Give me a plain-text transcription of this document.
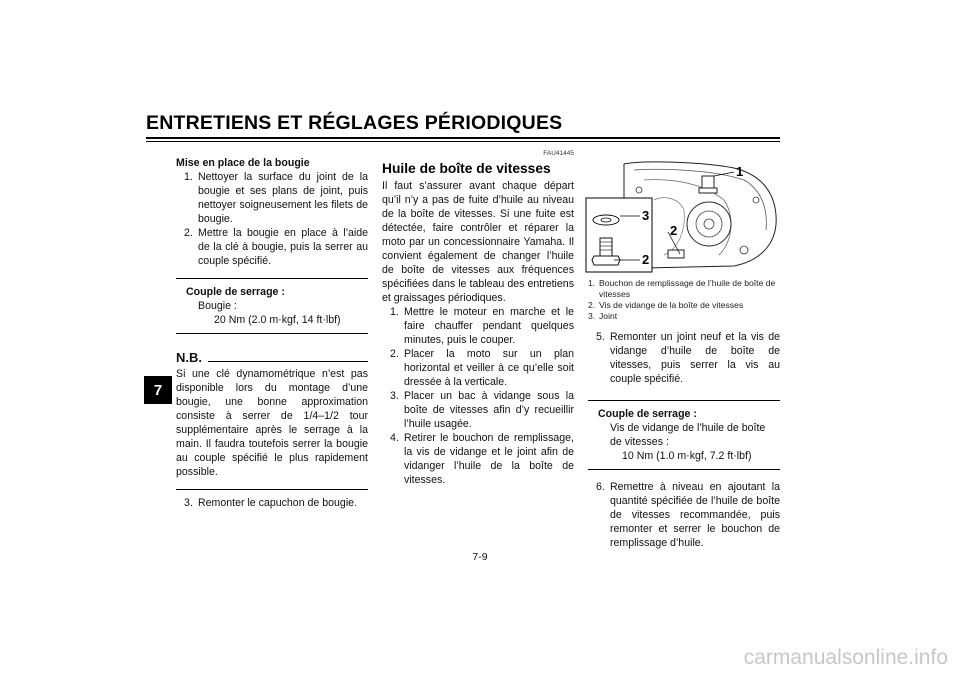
ENTRETIENS ET RÉGLAGES PÉRIODIQUES
7

Mise en place de la bougie

1. Nettoyer la surface du joint de la bougie et ses plans de joint, puis nettoyer soigneusement les filets de bougie.
2. Mettre la bougie en place à l’aide de la clé à bougie, puis la serrer au couple spécifié.

Couple de serrage :

Bougie :

20 Nm (2.0 m·kgf, 14 ft·lbf)

N.B.

Si une clé dynamométrique n’est pas disponible lors du montage d’une bougie, une bonne approximation consiste à serrer de 1/4–1/2 tour supplémentaire après le serrage à la main. Il faudra toutefois serrer la bougie au couple spécifié le plus rapidement possible.

3. Remonter le capuchon de bougie.
FAU41445
Huile de boîte de vitesses

Il faut s’assurer avant chaque départ qu’il n’y a pas de fuite d’huile au niveau de la boîte de vitesses. Si une fuite est détectée, faire contrôler et réparer la moto par un concessionnaire Yamaha. Il convient également de changer l’huile de boîte de vitesses aux fréquences spécifiées dans le tableau des entretiens et graissages périodiques.

1. Mettre le moteur en marche et le faire chauffer pendant quelques minutes, puis le couper.
2. Placer la moto sur un plan horizontal et veiller à ce qu’elle soit dressée à la verticale.
3. Placer un bac à vidange sous la boîte de vitesses afin d’y recueillir l’huile usagée.
4. Retirer le bouchon de remplissage, la vis de vidange et le joint afin de vidanger l’huile de la boîte de vitesses.
1
2
3
2
1. Bouchon de remplissage de l’huile de boîte de vitesses
2. Vis de vidange de la boîte de vitesses
3. Joint
5. Remonter un joint neuf et la vis de vidange d’huile de boîte de vitesses, puis serrer la vis au couple spécifié.

Couple de serrage :

Vis de vidange de l’huile de boîte de vitesses :

10 Nm (1.0 m·kgf, 7.2 ft·lbf)

6. Remettre à niveau en ajoutant la quantité spécifiée de l’huile de boîte de vitesses recommandée, puis remonter et serrer le bouchon de remplissage d’huile.
7-9
carmanualsonline.info
